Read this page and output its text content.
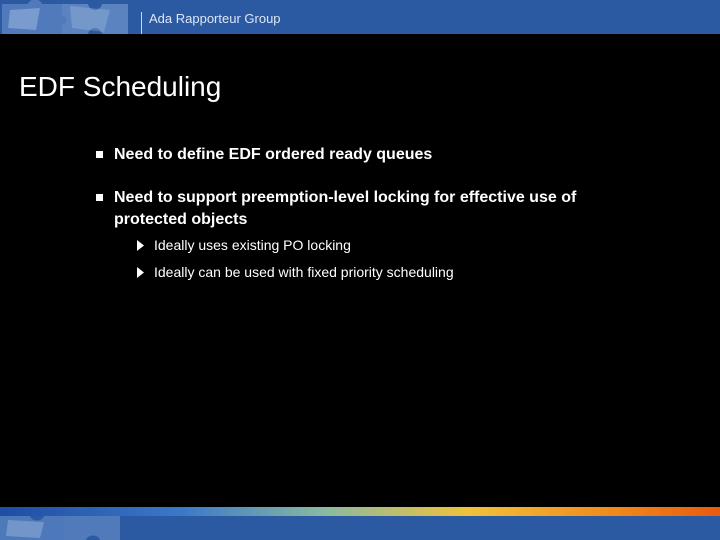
Ada Rapporteur Group
EDF Scheduling
Need to define EDF ordered ready queues
Need to support preemption-level locking for effective use of
protected objects
Ideally uses existing PO locking
Ideally can be used with fixed priority scheduling
